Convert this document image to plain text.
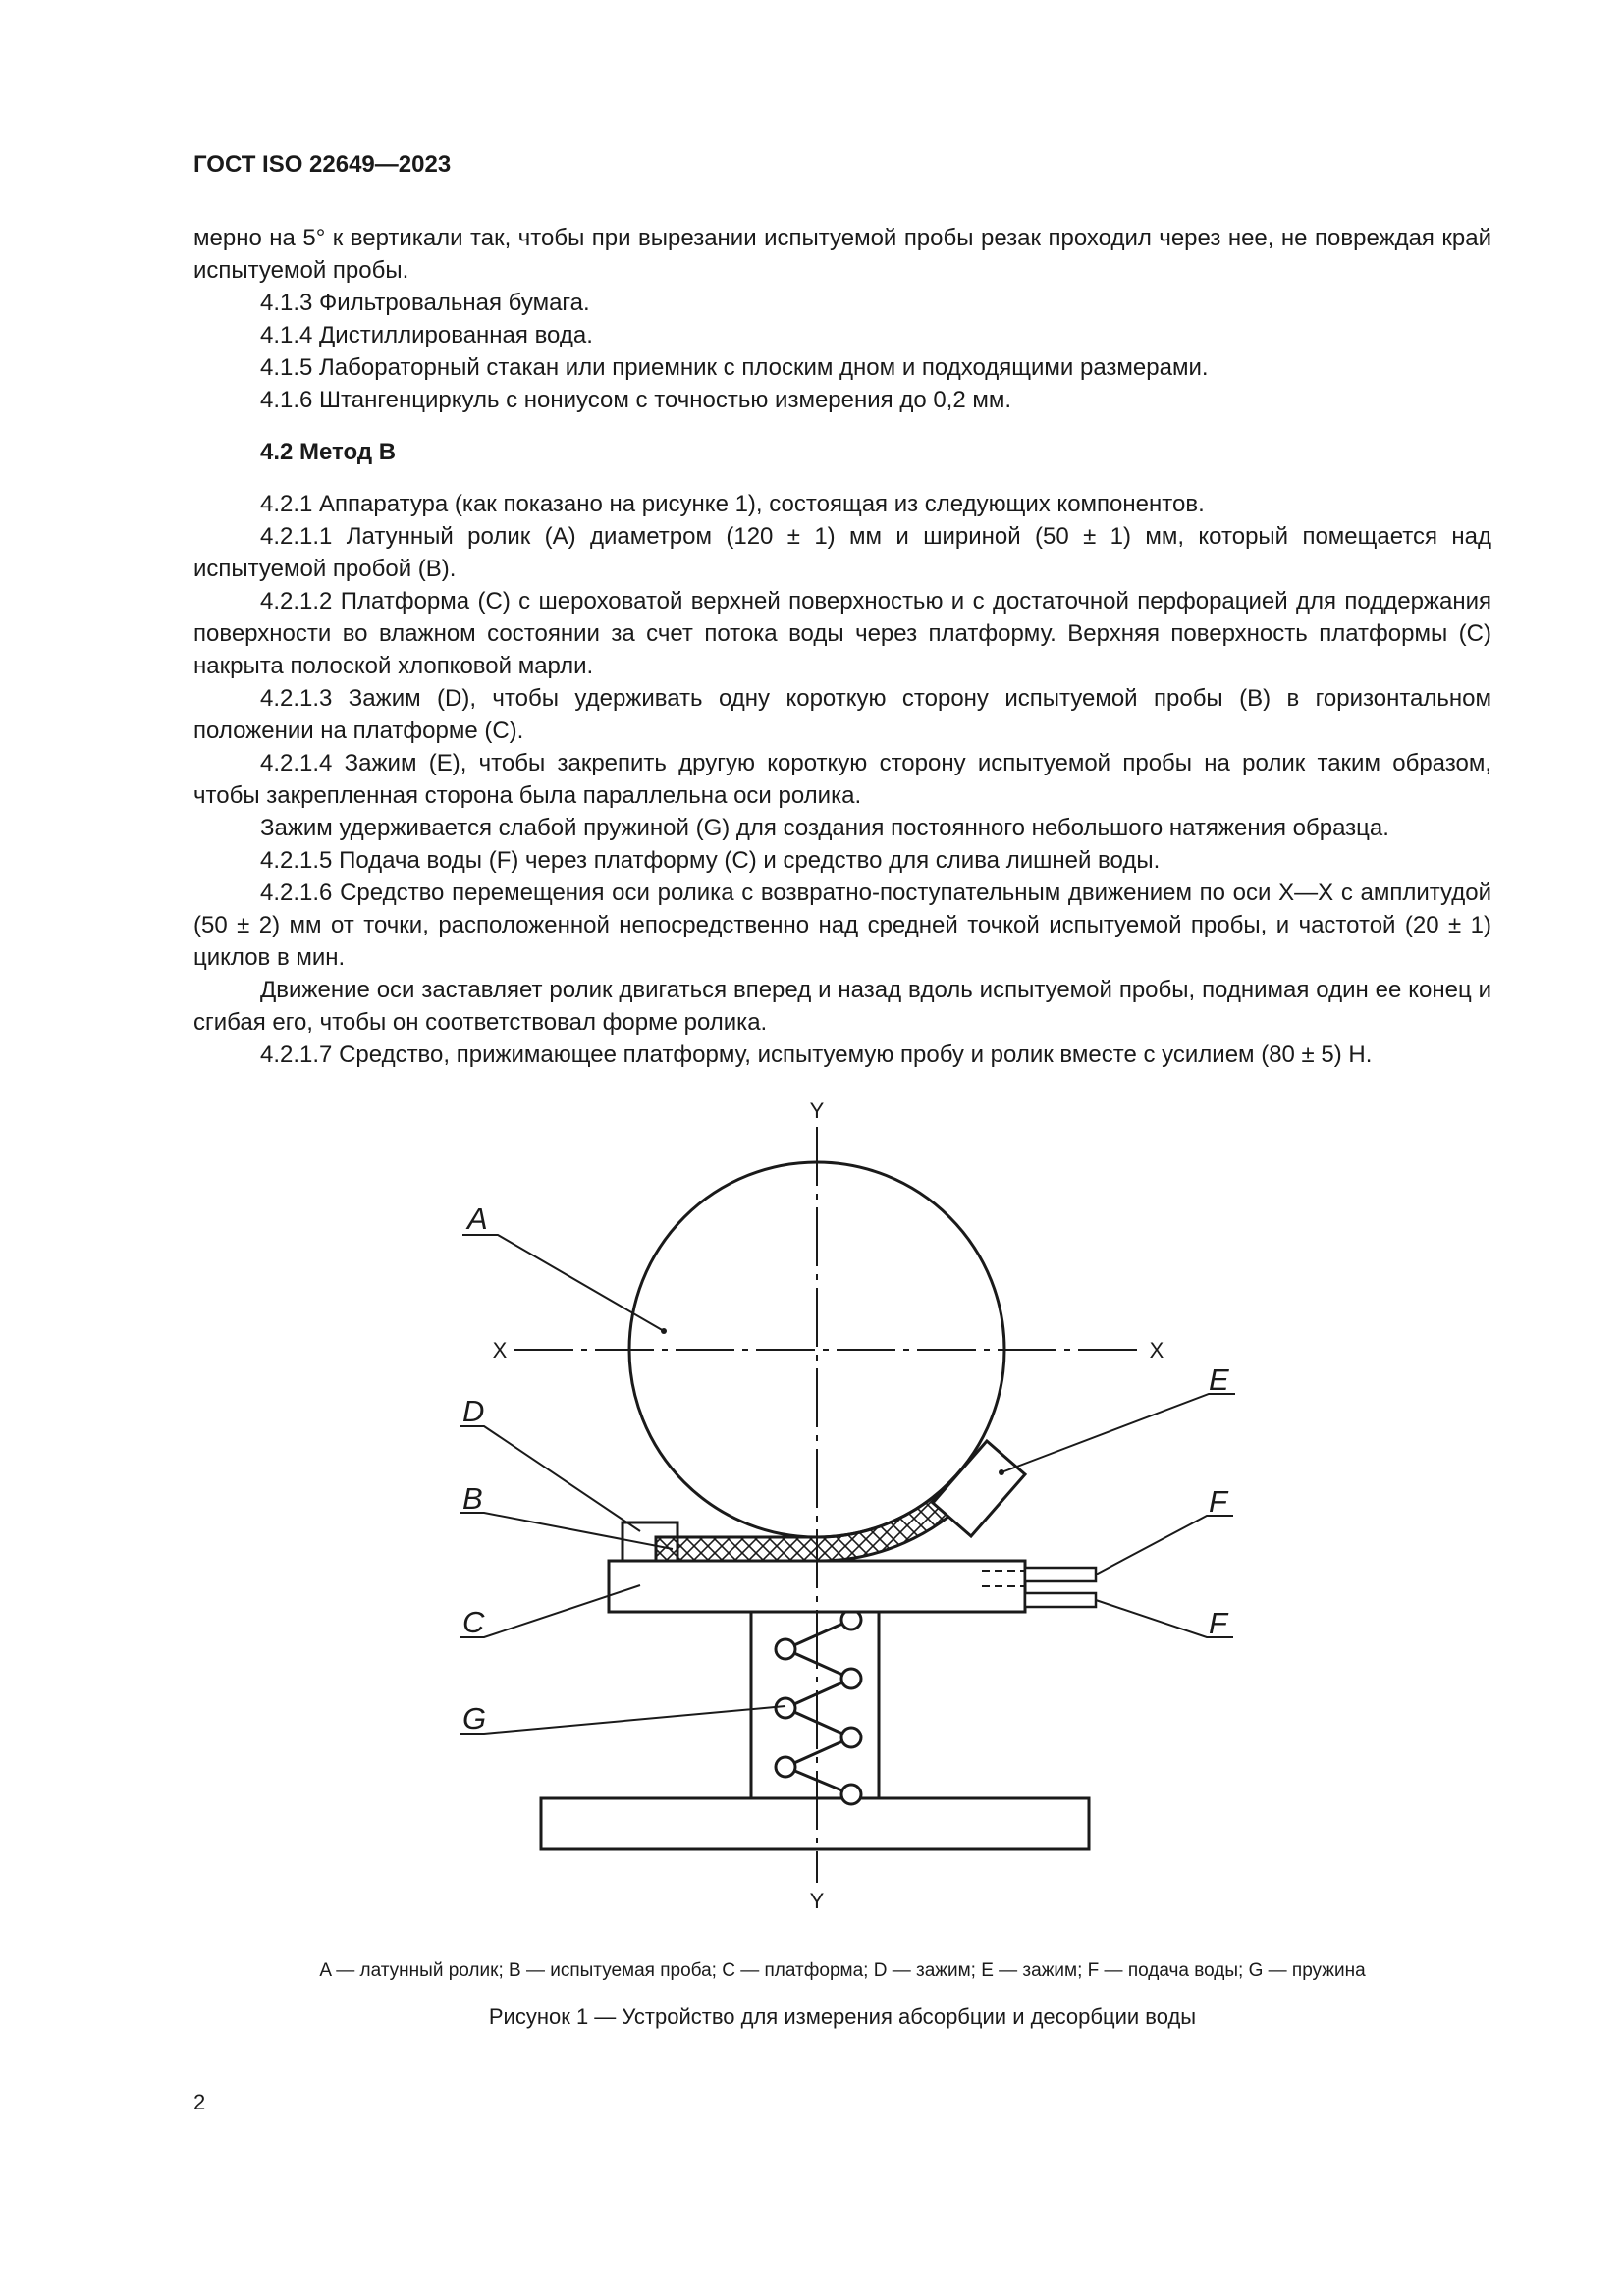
ГОСТ ISO 22649—2023

мерно на 5° к вертикали так, чтобы при вырезании испытуемой пробы резак проходил через нее, не повреждая край испытуемой пробы.

4.1.3 Фильтровальная бумага.

4.1.4 Дистиллированная вода.

4.1.5 Лабораторный стакан или приемник с плоским дном и подходящими размерами.

4.1.6 Штангенциркуль с нониусом с точностью измерения до 0,2 мм.

4.2 Метод В

4.2.1 Аппаратура (как показано на рисунке 1), состоящая из следующих компонентов.

4.2.1.1 Латунный ролик (A) диаметром (120 ± 1) мм и шириной (50 ± 1) мм, который помещается над испытуемой пробой (B).

4.2.1.2 Платформа (C) с шероховатой верхней поверхностью и с достаточной перфорацией для поддержания поверхности во влажном состоянии за счет потока воды через платформу. Верхняя поверхность платформы (C) накрыта полоской хлопковой марли.

4.2.1.3 Зажим (D), чтобы удерживать одну короткую сторону испытуемой пробы (B) в горизонтальном положении на платформе (C).

4.2.1.4 Зажим (E), чтобы закрепить другую короткую сторону испытуемой пробы на ролик таким образом, чтобы закрепленная сторона была параллельна оси ролика.

Зажим удерживается слабой пружиной (G) для создания постоянного небольшого натяжения образца.

4.2.1.5 Подача воды (F) через платформу (C) и средство для слива лишней воды.

4.2.1.6 Средство перемещения оси ролика с возвратно-поступательным движением по оси X—X с амплитудой (50 ± 2) мм от точки, расположенной непосредственно над средней точкой испытуемой пробы, и частотой (20 ± 1) циклов в мин.

Движение оси заставляет ролик двигаться вперед и назад вдоль испытуемой пробы, поднимая один ее конец и сгибая его, чтобы он соответствовал форме ролика.

4.2.1.7 Средство, прижимающее платформу, испытуемую пробу и ролик вместе с усилием (80 ± 5) Н.

Y
Y
X	X
A
D
B
C
G
E
F
F
A — латунный ролик; B — испытуемая проба; C — платформа; D — зажим; E — зажим; F — подача воды; G — пружина
Рисунок 1 — Устройство для измерения абсорбции и десорбции воды
2
